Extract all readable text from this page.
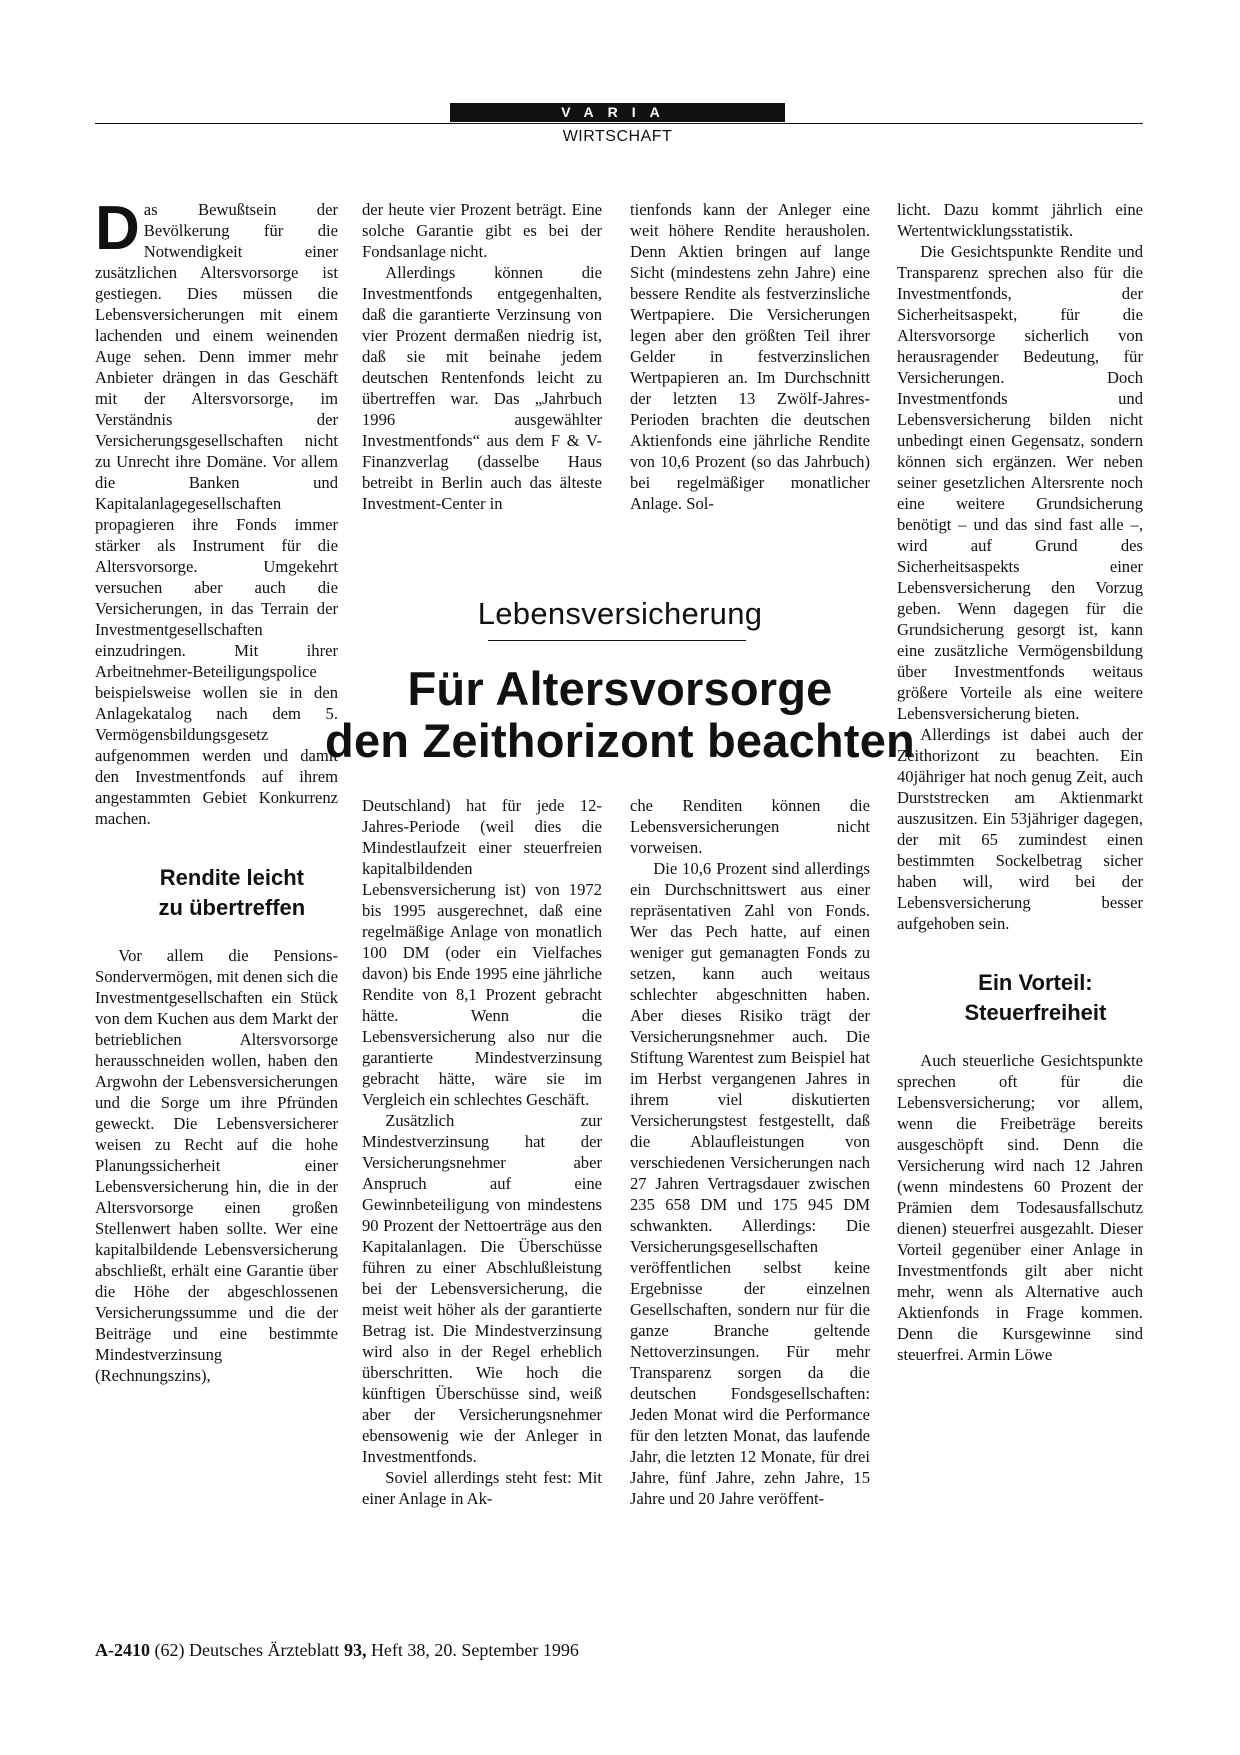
VARIA
WIRTSCHAFT

Das Bewußtsein der Bevölkerung für die Notwendigkeit einer zusätzlichen Altersvorsorge ist gestiegen. Dies müssen die Lebensversicherungen mit einem lachenden und einem weinenden Auge sehen. Denn immer mehr Anbieter drängen in das Geschäft mit der Altersvorsorge, im Verständnis der Versicherungsgesellschaften nicht zu Unrecht ihre Domäne. Vor allem die Banken und Kapitalanlagegesellschaften propagieren ihre Fonds immer stärker als Instrument für die Altersvorsorge. Umgekehrt versuchen aber auch die Versicherungen, in das Terrain der Investmentgesellschaften einzudringen. Mit ihrer Arbeitnehmer-Beteiligungspolice beispielsweise wollen sie in den Anlagekatalog nach dem 5. Vermögensbildungsgesetz aufgenommen werden und damit den Investmentfonds auf ihrem angestammten Gebiet Konkurrenz machen.

Rendite leicht

zu übertreffen

Vor allem die Pensions-Sondervermögen, mit denen sich die Investmentgesellschaften ein Stück von dem Kuchen aus dem Markt der betrieblichen Altersvorsorge herausschneiden wollen, haben den Argwohn der Lebensversicherungen und die Sorge um ihre Pfründen geweckt. Die Lebensversicherer weisen zu Recht auf die hohe Planungssicherheit einer Lebensversicherung hin, die in der Altersvorsorge einen großen Stellenwert haben sollte. Wer eine kapitalbildende Lebensversicherung abschließt, erhält eine Garantie über die Höhe der abgeschlossenen Versicherungssumme und die der Beiträge und eine bestimmte Mindestverzinsung (Rechnungszins),

der heute vier Prozent beträgt. Eine solche Garantie gibt es bei der Fondsanlage nicht.

Allerdings können die Investmentfonds entgegenhalten, daß die garantierte Verzinsung von vier Prozent dermaßen niedrig ist, daß sie mit beinahe jedem deutschen Rentenfonds leicht zu übertreffen war. Das „Jahrbuch 1996 ausgewählter Investmentfonds“ aus dem F & V-Finanzverlag (dasselbe Haus betreibt in Berlin auch das älteste Investment-Center in

tienfonds kann der Anleger eine weit höhere Rendite herausholen. Denn Aktien bringen auf lange Sicht (mindestens zehn Jahre) eine bessere Rendite als festverzinsliche Wertpapiere. Die Versicherungen legen aber den größten Teil ihrer Gelder in festverzinslichen Wertpapieren an. Im Durchschnitt der letzten 13 Zwölf-Jahres-Perioden brachten die deutschen Aktienfonds eine jährliche Rendite von 10,6 Prozent (so das Jahrbuch) bei regelmäßiger monatlicher Anlage. Sol-

Lebensversicherung
Für Altersvorsorge
den Zeithorizont beachten

Deutschland) hat für jede 12-Jahres-Periode (weil dies die Mindestlaufzeit einer steuerfreien kapitalbildenden Lebensversicherung ist) von 1972 bis 1995 ausgerechnet, daß eine regelmäßige Anlage von monatlich 100 DM (oder ein Vielfaches davon) bis Ende 1995 eine jährliche Rendite von 8,1 Prozent gebracht hätte. Wenn die Lebensversicherung also nur die garantierte Mindestverzinsung gebracht hätte, wäre sie im Vergleich ein schlechtes Geschäft.

Zusätzlich zur Mindestverzinsung hat der Versicherungsnehmer aber Anspruch auf eine Gewinnbeteiligung von mindestens 90 Prozent der Nettoerträge aus den Kapitalanlagen. Die Überschüsse führen zu einer Abschlußleistung bei der Lebensversicherung, die meist weit höher als der garantierte Betrag ist. Die Mindestverzinsung wird also in der Regel erheblich überschritten. Wie hoch die künftigen Überschüsse sind, weiß aber der Versicherungsnehmer ebensowenig wie der Anleger in Investmentfonds.

Soviel allerdings steht fest: Mit einer Anlage in Ak-

che Renditen können die Lebensversicherungen nicht vorweisen.

Die 10,6 Prozent sind allerdings ein Durchschnittswert aus einer repräsentativen Zahl von Fonds. Wer das Pech hatte, auf einen weniger gut gemanagten Fonds zu setzen, kann auch weitaus schlechter abgeschnitten haben. Aber dieses Risiko trägt der Versicherungsnehmer auch. Die Stiftung Warentest zum Beispiel hat im Herbst vergangenen Jahres in ihrem viel diskutierten Versicherungstest festgestellt, daß die Ablaufleistungen von verschiedenen Versicherungen nach 27 Jahren Vertragsdauer zwischen 235 658 DM und 175 945 DM schwankten. Allerdings: Die Versicherungsgesellschaften veröffentlichen selbst keine Ergebnisse der einzelnen Gesellschaften, sondern nur für die ganze Branche geltende Nettoverzinsungen. Für mehr Transparenz sorgen da die deutschen Fondsgesellschaften: Jeden Monat wird die Performance für den letzten Monat, das laufende Jahr, die letzten 12 Monate, für drei Jahre, fünf Jahre, zehn Jahre, 15 Jahre und 20 Jahre veröffent-

licht. Dazu kommt jährlich eine Wertentwicklungsstatistik.

Die Gesichtspunkte Rendite und Transparenz sprechen also für die Investmentfonds, der Sicherheitsaspekt, für die Altersvorsorge sicherlich von herausragender Bedeutung, für Versicherungen. Doch Investmentfonds und Lebensversicherung bilden nicht unbedingt einen Gegensatz, sondern können sich ergänzen. Wer neben seiner gesetzlichen Altersrente noch eine weitere Grundsicherung benötigt – und das sind fast alle –, wird auf Grund des Sicherheitsaspekts einer Lebensversicherung den Vorzug geben. Wenn dagegen für die Grundsicherung gesorgt ist, kann eine zusätzliche Vermögensbildung über Investmentfonds weitaus größere Vorteile als eine weitere Lebensversicherung bieten.

Allerdings ist dabei auch der Zeithorizont zu beachten. Ein 40jähriger hat noch genug Zeit, auch Durststrecken am Aktienmarkt auszusitzen. Ein 53jähriger dagegen, der mit 65 zumindest einen bestimmten Sockelbetrag sicher haben will, wird bei der Lebensversicherung besser aufgehoben sein.

Ein Vorteil:

Steuerfreiheit

Auch steuerliche Gesichtspunkte sprechen oft für die Lebensversicherung; vor allem, wenn die Freibeträge bereits ausgeschöpft sind. Denn die Versicherung wird nach 12 Jahren (wenn mindestens 60 Prozent der Prämien dem Todesausfallschutz dienen) steuerfrei ausgezahlt. Dieser Vorteil gegenüber einer Anlage in Investmentfonds gilt aber nicht mehr, wenn als Alternative auch Aktienfonds in Frage kommen. Denn die Kursgewinne sind steuerfrei. Armin Löwe

A-2410 (62) Deutsches Ärzteblatt 93, Heft 38, 20. September 1996
